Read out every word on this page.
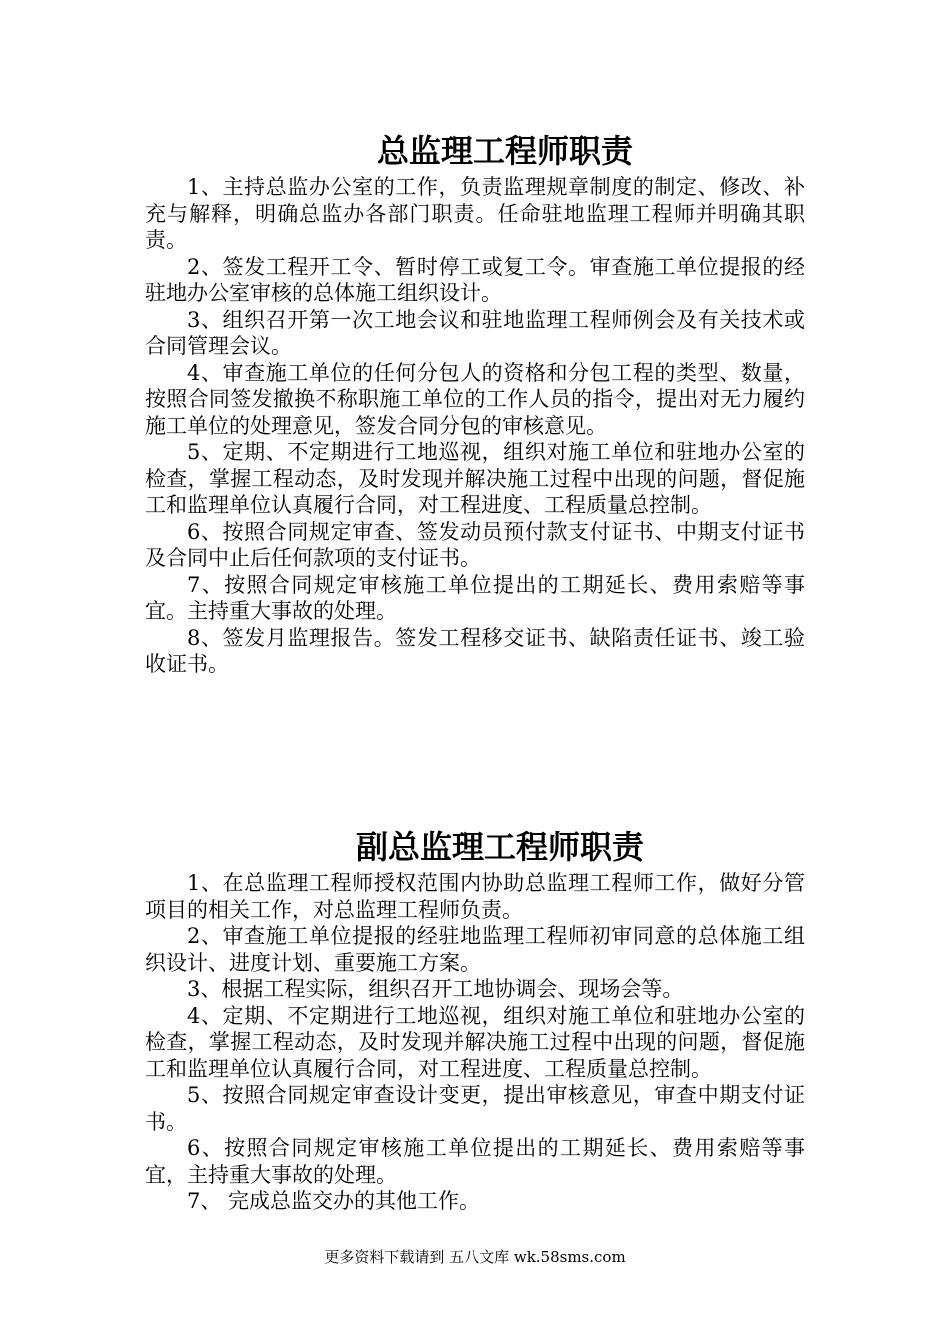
总监理工程师职责

1、主持总监办公室的工作，负责监理规章制度的制定、修改、补充与解释，明确总监办各部门职责。任命驻地监理工程师并明确其职责。

2、签发工程开工令、暂时停工或复工令。审查施工单位提报的经驻地办公室审核的总体施工组织设计。

3、组织召开第一次工地会议和驻地监理工程师例会及有关技术或合同管理会议。

4、审查施工单位的任何分包人的资格和分包工程的类型、数量，按照合同签发撤换不称职施工单位的工作人员的指令，提出对无力履约施工单位的处理意见，签发合同分包的审核意见。

5、定期、不定期进行工地巡视，组织对施工单位和驻地办公室的检查，掌握工程动态，及时发现并解决施工过程中出现的问题，督促施工和监理单位认真履行合同，对工程进度、工程质量总控制。

6、按照合同规定审查、签发动员预付款支付证书、中期支付证书及合同中止后任何款项的支付证书。

7、按照合同规定审核施工单位提出的工期延长、费用索赔等事宜。主持重大事故的处理。

8、签发月监理报告。签发工程移交证书、缺陷责任证书、竣工验收证书。

副总监理工程师职责

1、在总监理工程师授权范围内协助总监理工程师工作，做好分管项目的相关工作，对总监理工程师负责。

2、审查施工单位提报的经驻地监理工程师初审同意的总体施工组织设计、进度计划、重要施工方案。

3、根据工程实际，组织召开工地协调会、现场会等。

4、定期、不定期进行工地巡视，组织对施工单位和驻地办公室的检查，掌握工程动态，及时发现并解决施工过程中出现的问题，督促施工和监理单位认真履行合同，对工程进度、工程质量总控制。

5、按照合同规定审查设计变更，提出审核意见，审查中期支付证书。

6、按照合同规定审核施工单位提出的工期延长、费用索赔等事宜，主持重大事故的处理。

7、 完成总监交办的其他工作。

更多资料下载请到 五八文库 wk.58sms.com
